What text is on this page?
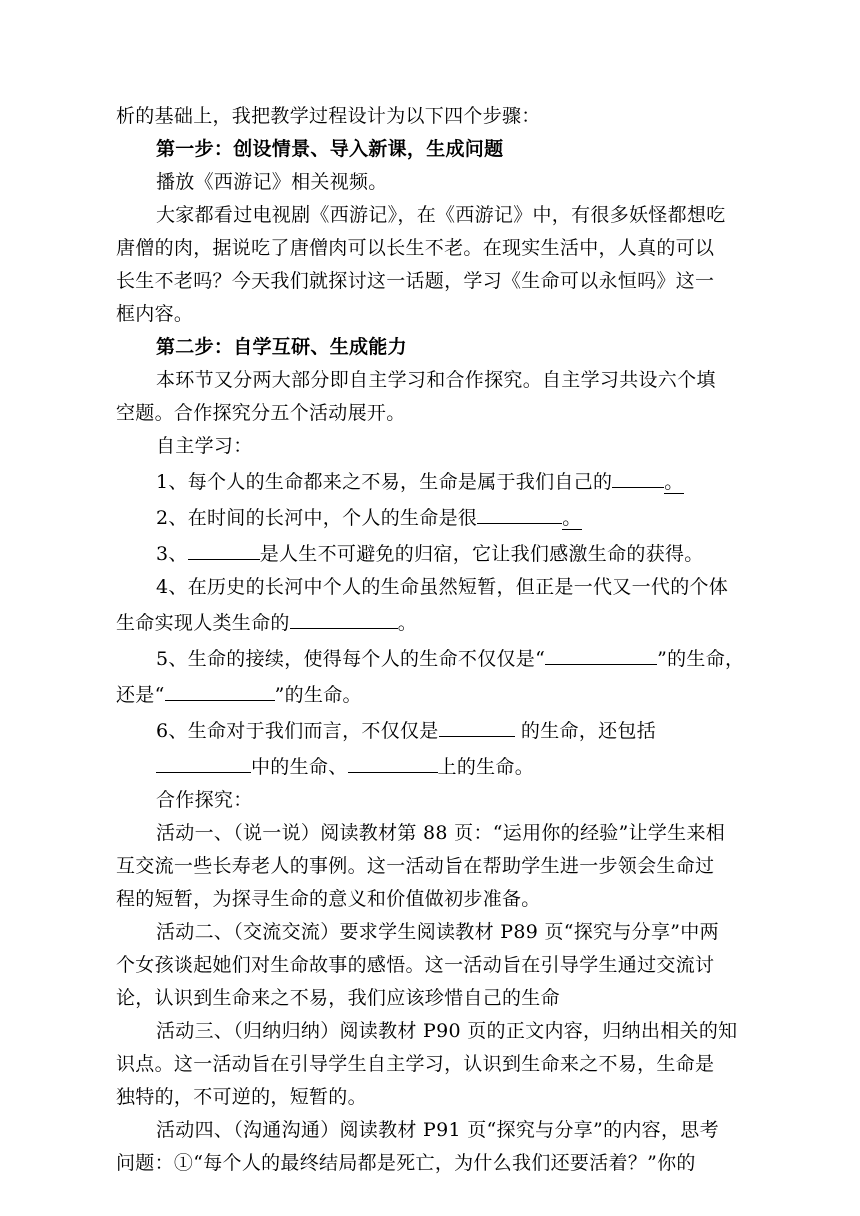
析的基础上，我把教学过程设计为以下四个步骤：

第一步：创设情景、导入新课，生成问题

播放《西游记》相关视频。

大家都看过电视剧《西游记》，在《西游记》中，有很多妖怪都想吃

唐僧的肉，据说吃了唐僧肉可以长生不老。在现实生活中，人真的可以

长生不老吗？今天我们就探讨这一话题，学习《生命可以永恒吗》这一

框内容。

第二步：自学互研、生成能力

本环节又分两大部分即自主学习和合作探究。自主学习共设六个填

空题。合作探究分五个活动展开。

自主学习：

1、每个人的生命都来之不易，生命是属于我们自己的	。

2、在时间的长河中，个人的生命是很	。

3、	是人生不可避免的归宿，它让我们感激生命的获得。

4、在历史的长河中个人的生命虽然短暂，但正是一代又一代的个体

生命实现人类生命的	。

5、生命的接续，使得每个人的生命不仅仅是“	”的生命，

还是“	”的生命。

6、生命对于我们而言，不仅仅是	的生命，还包括

中的生命、	上的生命。

合作探究：

活动一、（说一说）阅读教材第 88 页：“运用你的经验”让学生来相

互交流一些长寿老人的事例。这一活动旨在帮助学生进一步领会生命过

程的短暂，为探寻生命的意义和价值做初步准备。

活动二、（交流交流）要求学生阅读教材 P89 页“探究与分享”中两

个女孩谈起她们对生命故事的感悟。这一活动旨在引导学生通过交流讨

论，认识到生命来之不易，我们应该珍惜自己的生命

活动三、（归纳归纳）阅读教材 P90 页的正文内容，归纳出相关的知

识点。这一活动旨在引导学生自主学习，认识到生命来之不易，生命是

独特的，不可逆的，短暂的。

活动四、（沟通沟通）阅读教材 P91 页“探究与分享”的内容，思考

问题：①“每个人的最终结局都是死亡，为什么我们还要活着？”你的
